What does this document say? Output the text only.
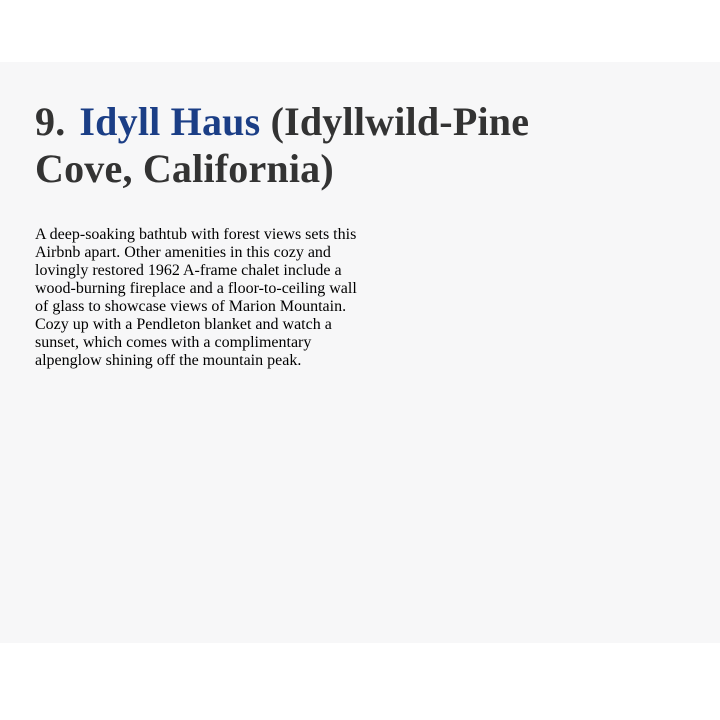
9. Idyll Haus (Idyllwild-Pine
Cove, California)

A deep-soaking bathtub with forest views sets this
Airbnb apart. Other amenities in this cozy and
lovingly restored 1962 A-frame chalet include a
wood-burning fireplace and a floor-to-ceiling wall
of glass to showcase views of Marion Mountain.
Cozy up with a Pendleton blanket and watch a
sunset, which comes with a complimentary
alpenglow shining off the mountain peak.
